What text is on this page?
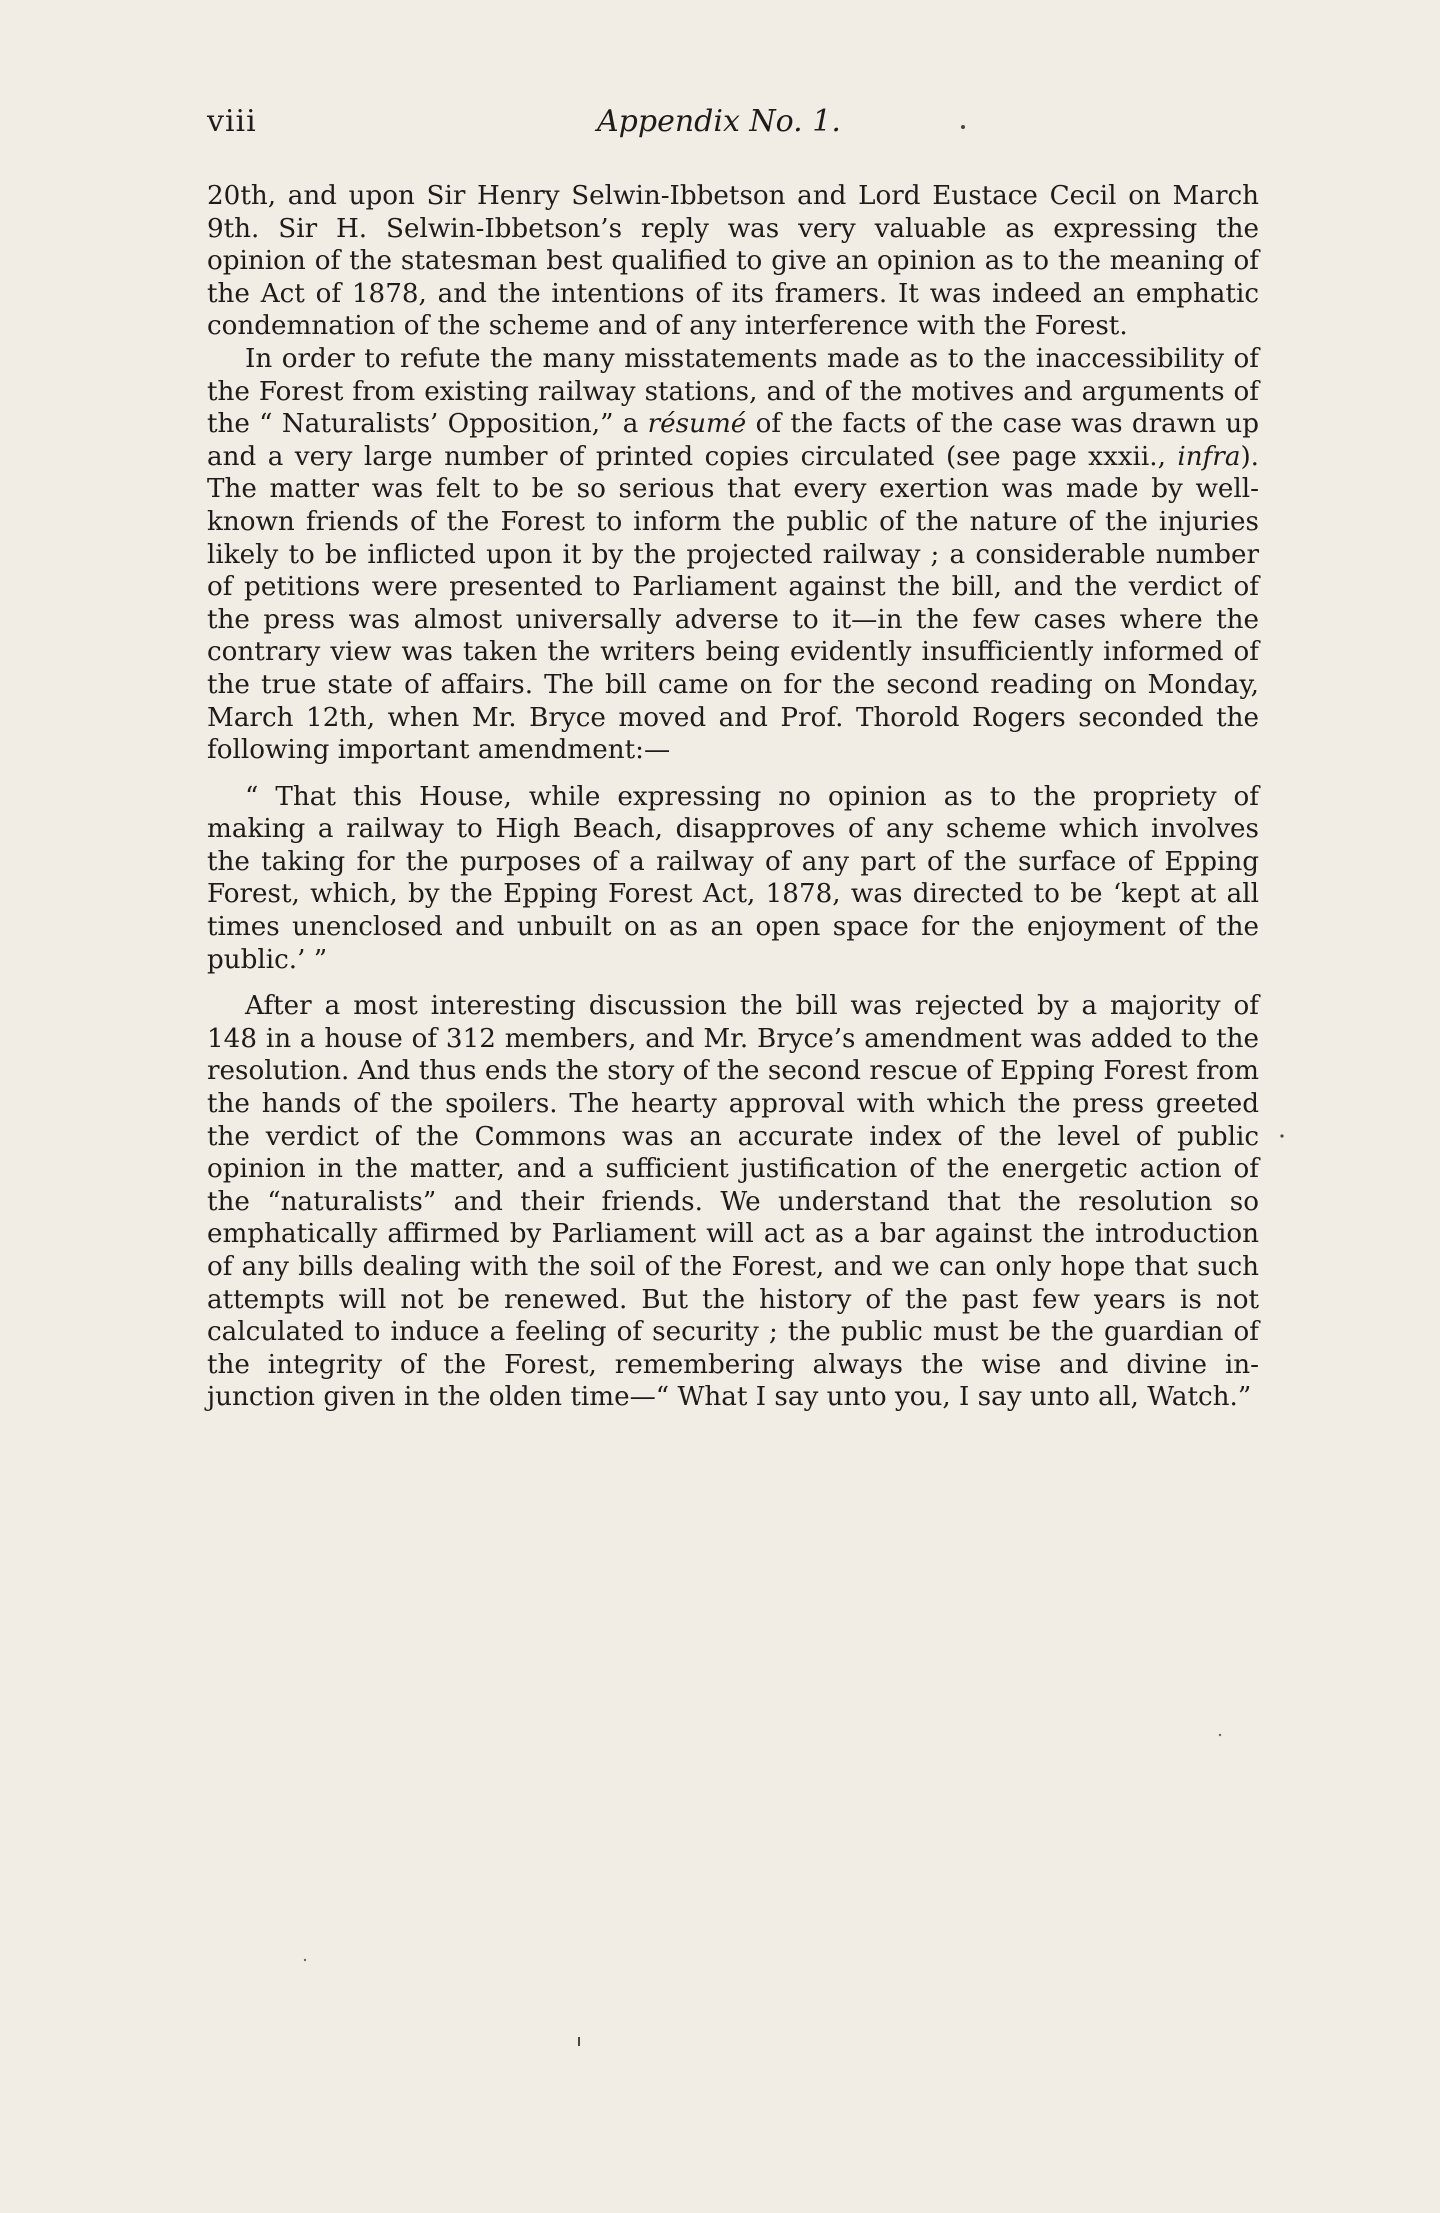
viii	Appendix No. 1.

20th, and upon Sir Henry Selwin-Ibbetson and Lord Eustace Cecil on March 9th. Sir H. Selwin-Ibbetson’s reply was very valuable as expressing the opinion of the statesman best qualified to give an opinion as to the meaning of the Act of 1878, and the intentions of its framers. It was indeed an emphatic condemnation of the scheme and of any interference with the Forest.

In order to refute the many misstatements made as to the inaccessibility of the Forest from existing railway stations, and of the motives and arguments of the “ Naturalists’ Opposition,” a résumé of the facts of the case was drawn up and a very large number of printed copies circulated (see page xxxii., infra). The matter was felt to be so serious that every exertion was made by well-known friends of the Forest to inform the public of the nature of the injuries likely to be inflicted upon it by the projected railway ; a considerable number of petitions were presented to Parliament against the bill, and the verdict of the press was almost universally adverse to it—in the few cases where the contrary view was taken the writers being evidently insufficiently informed of the true state of affairs. The bill came on for the second reading on Monday, March 12th, when Mr. Bryce moved and Prof. Thorold Rogers seconded the following important amendment:—

“ That this House, while expressing no opinion as to the propriety of making a railway to High Beach, disapproves of any scheme which involves the taking for the purposes of a railway of any part of the surface of Epping Forest, which, by the Epping Forest Act, 1878, was directed to be ‘kept at all times unenclosed and unbuilt on as an open space for the enjoyment of the public.’ ”

After a most interesting discussion the bill was rejected by a majority of 148 in a house of 312 members, and Mr. Bryce’s amendment was added to the resolution. And thus ends the story of the second rescue of Epping Forest from the hands of the spoilers. The hearty approval with which the press greeted the verdict of the Commons was an accurate index of the level of public opinion in the matter, and a sufficient justification of the energetic action of the “naturalists” and their friends. We understand that the resolution so emphatically affirmed by Parliament will act as a bar against the introduction of any bills dealing with the soil of the Forest, and we can only hope that such attempts will not be renewed. But the history of the past few years is not calculated to induce a feeling of security ; the public must be the guardian of the integrity of the Forest, remembering always the wise and divine in-junction given in the olden time—“ What I say unto you, I say unto all, Watch.”
